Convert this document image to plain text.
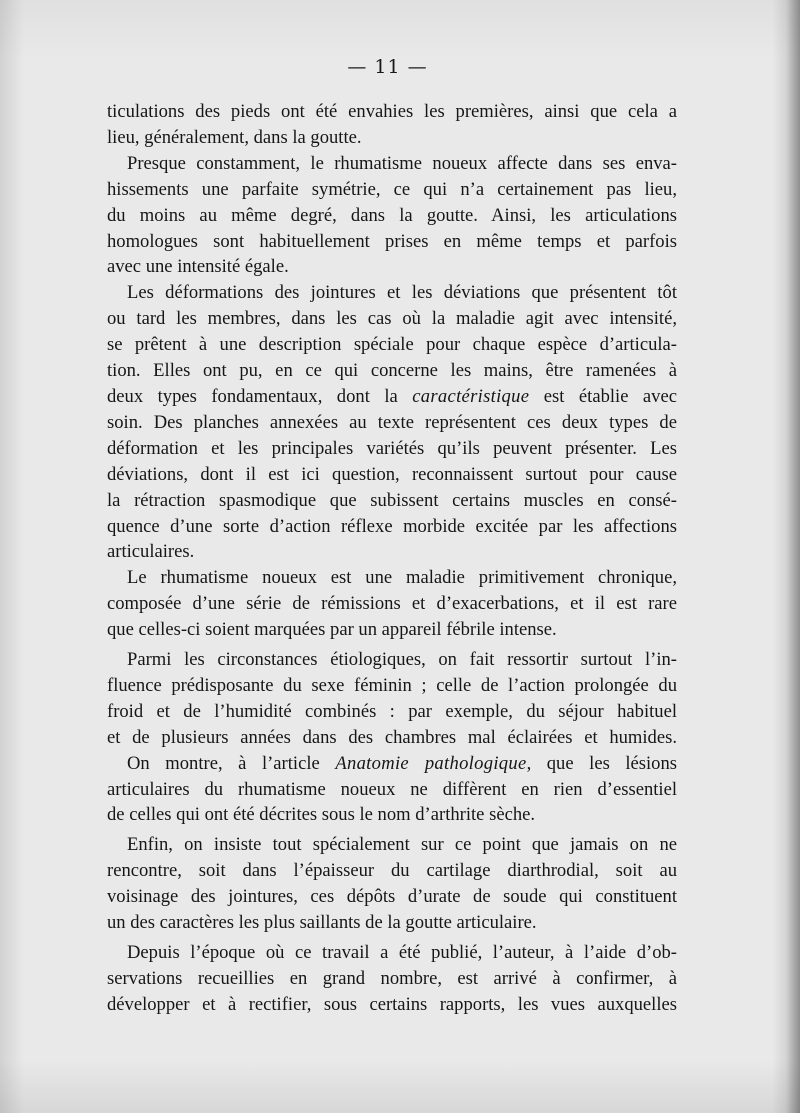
— 11 —

ticulations des pieds ont été envahies les premières, ainsi que cela a

lieu, généralement, dans la goutte.

Presque constamment, le rhumatisme noueux affecte dans ses enva-

hissements une parfaite symétrie, ce qui n’a certainement pas lieu,

du moins au même degré, dans la goutte. Ainsi, les articulations

homologues sont habituellement prises en même temps et parfois

avec une intensité égale.

Les déformations des jointures et les déviations que présentent tôt

ou tard les membres, dans les cas où la maladie agit avec intensité,

se prêtent à une description spéciale pour chaque espèce d’articula-

tion. Elles ont pu, en ce qui concerne les mains, être ramenées à

deux types fondamentaux, dont la caractéristique est établie avec

soin. Des planches annexées au texte représentent ces deux types de

déformation et les principales variétés qu’ils peuvent présenter. Les

déviations, dont il est ici question, reconnaissent surtout pour cause

la rétraction spasmodique que subissent certains muscles en consé-

quence d’une sorte d’action réflexe morbide excitée par les affections

articulaires.

Le rhumatisme noueux est une maladie primitivement chronique,

composée d’une série de rémissions et d’exacerbations, et il est rare

que celles-ci soient marquées par un appareil fébrile intense.

Parmi les circonstances étiologiques, on fait ressortir surtout l’in-

fluence prédisposante du sexe féminin ; celle de l’action prolongée du

froid et de l’humidité combinés : par exemple, du séjour habituel

et de plusieurs années dans des chambres mal éclairées et humides.

On montre, à l’article Anatomie pathologique, que les lésions

articulaires du rhumatisme noueux ne diffèrent en rien d’essentiel

de celles qui ont été décrites sous le nom d’arthrite sèche.

Enfin, on insiste tout spécialement sur ce point que jamais on ne

rencontre, soit dans l’épaisseur du cartilage diarthrodial, soit au

voisinage des jointures, ces dépôts d’urate de soude qui constituent

un des caractères les plus saillants de la goutte articulaire.

Depuis l’époque où ce travail a été publié, l’auteur, à l’aide d’ob-

servations recueillies en grand nombre, est arrivé à confirmer, à

développer et à rectifier, sous certains rapports, les vues auxquelles
